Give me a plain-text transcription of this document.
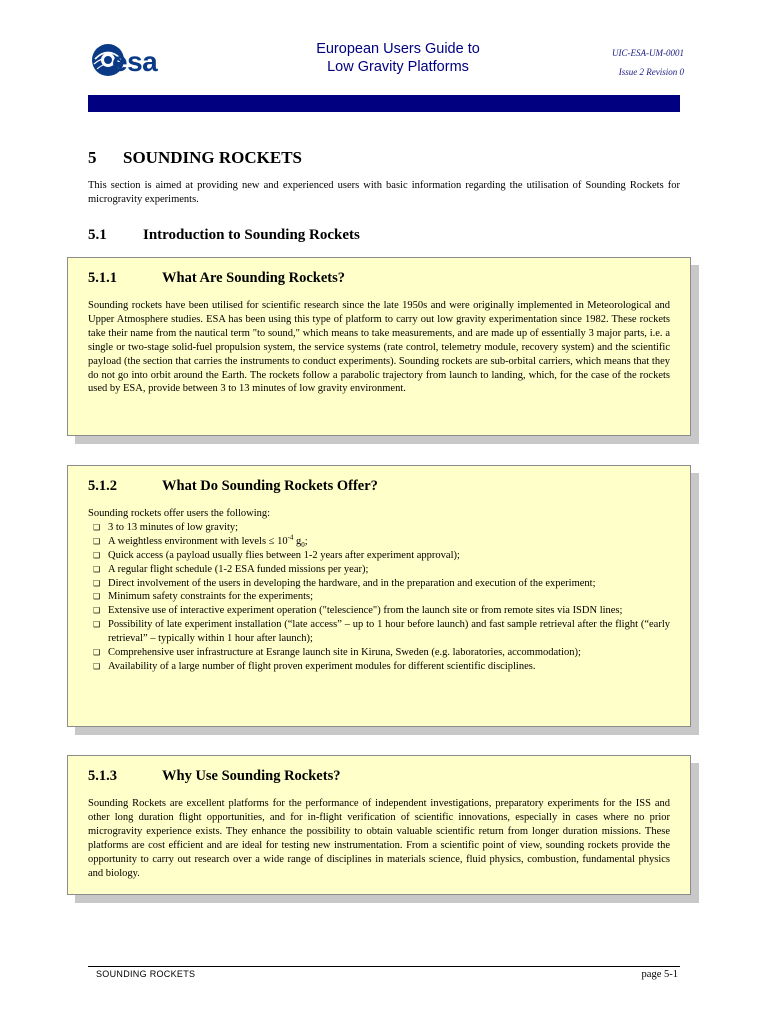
esa	European Users Guide to
Low Gravity Platforms
UIC-ESA-UM-0001
Issue 2 Revision 0
5 SOUNDING ROCKETS
This section is aimed at providing new and experienced users with basic information regarding the utilisation of Sounding Rockets for microgravity experiments.
5.1 Introduction to Sounding Rockets
5.1.1	What Are Sounding Rockets?
Sounding rockets have been utilised for scientific research since the late 1950s and were originally implemented in Meteorological and Upper Atmosphere studies. ESA has been using this type of platform to carry out low gravity experimentation since 1982. These rockets take their name from the nautical term "to sound," which means to take measurements, and are made up of essentially 3 major parts, i.e. a single or two-stage solid-fuel propulsion system, the service systems (rate control, telemetry module, recovery system) and the scientific payload (the section that carries the instruments to conduct experiments). Sounding rockets are sub-orbital carriers, which means that they do not go into orbit around the Earth. The rockets follow a parabolic trajectory from launch to landing, which, for the case of the rockets used by ESA, provide between 3 to 13 minutes of low gravity environment.
5.1.2	What Do Sounding Rockets Offer?
Sounding rockets offer users the following:
❑ 3 to 13 minutes of low gravity;
❑ A weightless environment with levels ≤ $10^{-4}$ $g_0$;
❑ Quick access (a payload usually flies between 1-2 years after experiment approval);
❑ A regular flight schedule (1-2 ESA funded missions per year);
❑ Direct involvement of the users in developing the hardware, and in the preparation and execution of the experiment;
❑ Minimum safety constraints for the experiments;
❑ Extensive use of interactive experiment operation ("telescience") from the launch site or from remote sites via ISDN lines;
❑ Possibility of late experiment installation (“late access” – up to 1 hour before launch) and fast sample retrieval after the flight (“early retrieval” – typically within 1 hour after launch);
❑ Comprehensive user infrastructure at Esrange launch site in Kiruna, Sweden (e.g. laboratories, accommodation);
❑ Availability of a large number of flight proven experiment modules for different scientific disciplines.
5.1.3	Why Use Sounding Rockets?
Sounding Rockets are excellent platforms for the performance of independent investigations, preparatory experiments for the ISS and other long duration flight opportunities, and for in-flight verification of scientific innovations, especially in cases where no prior microgravity experience exists. They enhance the possibility to obtain valuable scientific return from longer duration missions. These platforms are cost efficient and are ideal for testing new instrumentation. From a scientific point of view, sounding rockets provide the opportunity to carry out research over a wide range of disciplines in materials science, fluid physics, combustion, fundamental physics and biology.
SOUNDING ROCKETS	page 5-1
